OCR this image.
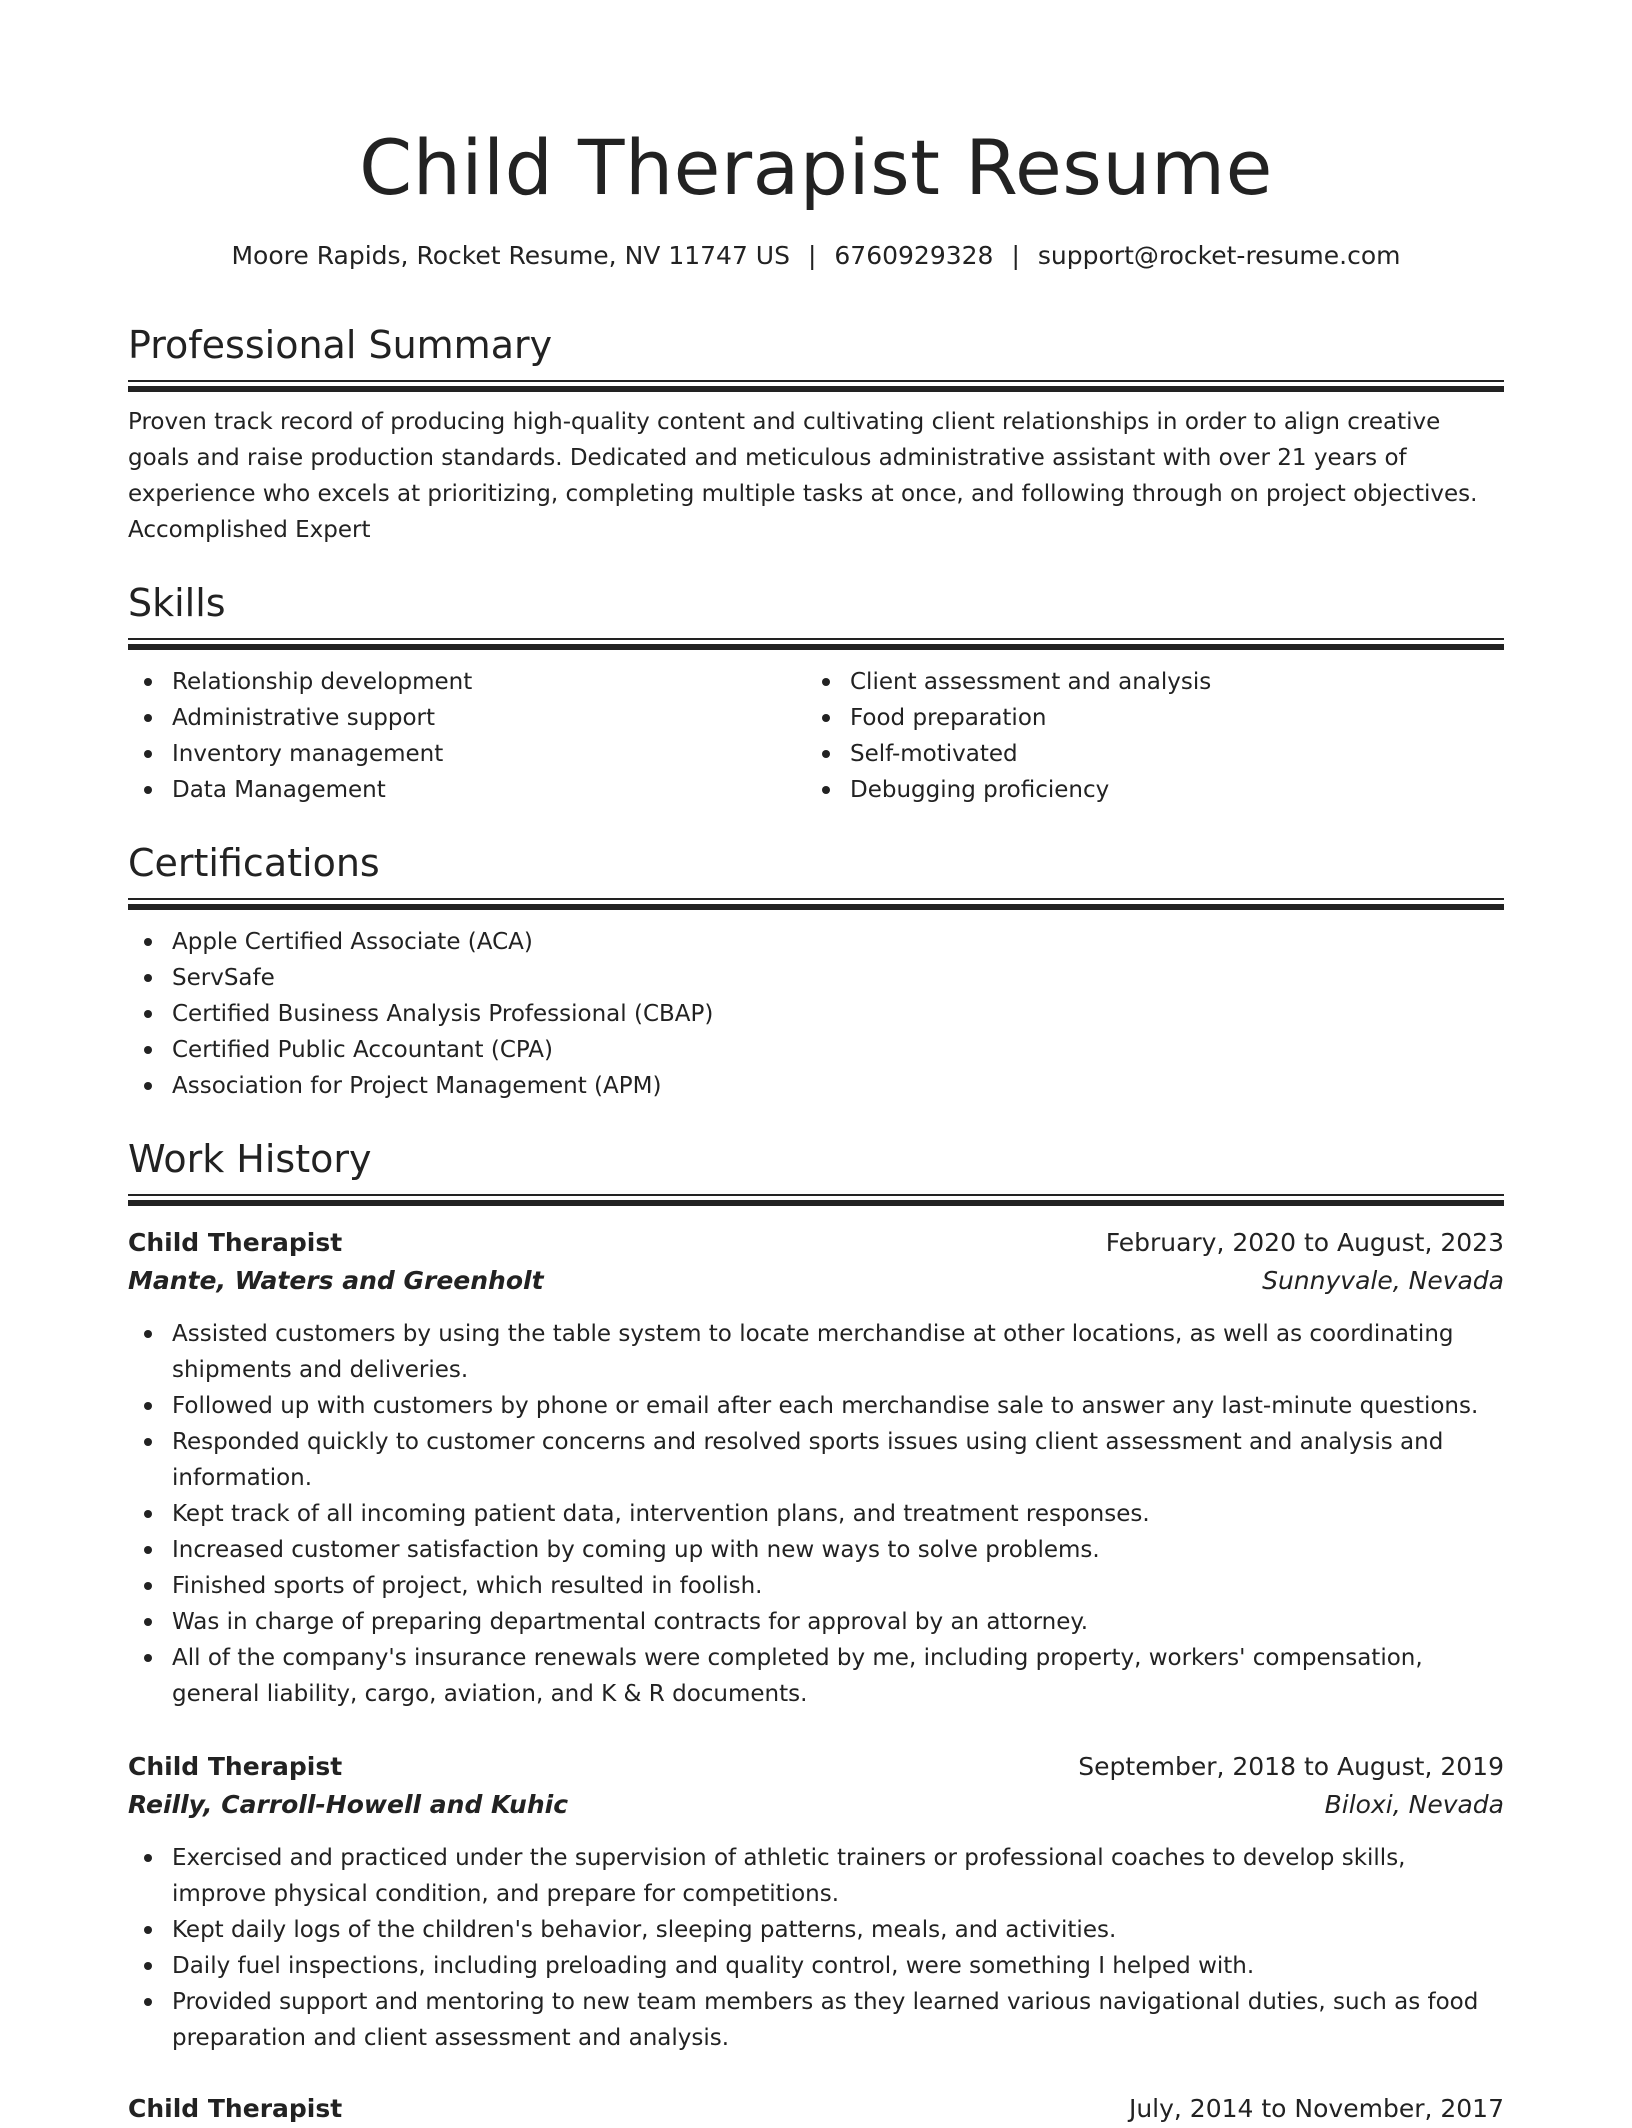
Child Therapist Resume
Moore Rapids, Rocket Resume, NV 11747 US | 6760929328 | support@rocket-resume.com
Professional Summary

Proven track record of producing high-quality content and cultivating client relationships in order to align creative goals and raise production standards. Dedicated and meticulous administrative assistant with over 21 years of experience who excels at prioritizing, completing multiple tasks at once, and following through on project objectives. Accomplished Expert

Skills
Relationship development
Administrative support
Inventory management
Data Management
Client assessment and analysis
Food preparation
Self-motivated
Debugging proficiency
Certifications
Apple Certified Associate (ACA)
ServSafe
Certified Business Analysis Professional (CBAP)
Certified Public Accountant (CPA)
Association for Project Management (APM)
Work History
Child Therapist	February, 2020 to August, 2023
Mante, Waters and Greenholt	Sunnyvale, Nevada
Assisted customers by using the table system to locate merchandise at other locations, as well as coordinating shipments and deliveries.
Followed up with customers by phone or email after each merchandise sale to answer any last-minute questions.
Responded quickly to customer concerns and resolved sports issues using client assessment and analysis and information.
Kept track of all incoming patient data, intervention plans, and treatment responses.
Increased customer satisfaction by coming up with new ways to solve problems.
Finished sports of project, which resulted in foolish.
Was in charge of preparing departmental contracts for approval by an attorney.
All of the company's insurance renewals were completed by me, including property, workers' compensation, general liability, cargo, aviation, and K & R documents.
Child Therapist	September, 2018 to August, 2019
Reilly, Carroll-Howell and Kuhic	Biloxi, Nevada
Exercised and practiced under the supervision of athletic trainers or professional coaches to develop skills, improve physical condition, and prepare for competitions.
Kept daily logs of the children's behavior, sleeping patterns, meals, and activities.
Daily fuel inspections, including preloading and quality control, were something I helped with.
Provided support and mentoring to new team members as they learned various navigational duties, such as food preparation and client assessment and analysis.
Child Therapist	July, 2014 to November, 2017
